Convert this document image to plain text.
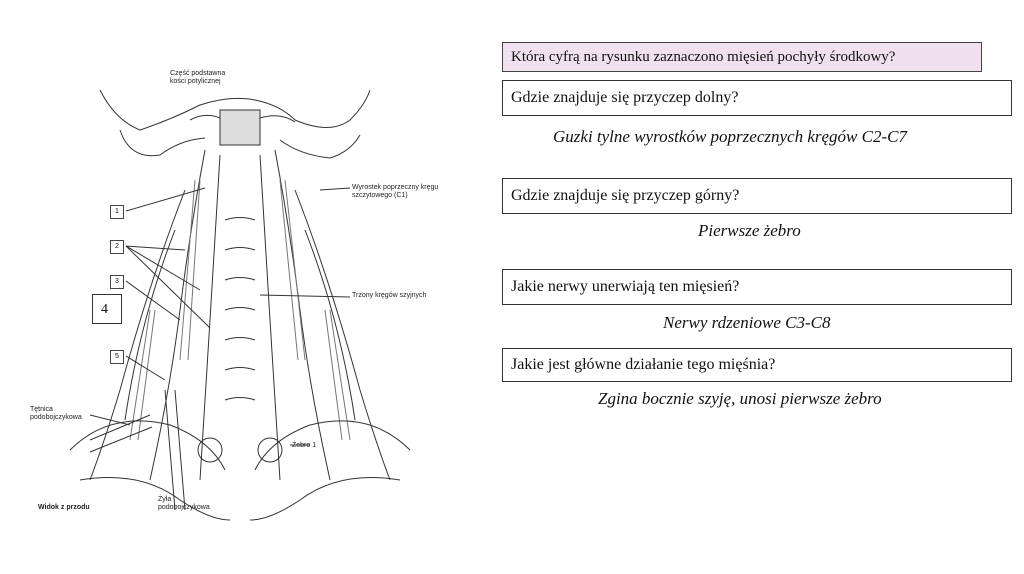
Część podstawna kości potylicznej
Wyrostek poprzeczny kręgu szczytowego (C1)
Trzony kręgów szyjnych
Tętnica podobojczykowa
Żebro 1
Żyła podobojczykowa
Widok z przodu
1
2
3
5
4
Która cyfrą na rysunku zaznaczono mięsień pochyły środkowy?
Gdzie znajduje się przyczep dolny?
Guzki tylne wyrostków poprzecznych kręgów C2-C7
Gdzie znajduje się przyczep górny?
Pierwsze żebro
Jakie nerwy unerwiają ten mięsień?
Nerwy rdzeniowe C3-C8
Jakie jest główne działanie tego mięśnia?
Zgina bocznie szyję, unosi pierwsze żebro
